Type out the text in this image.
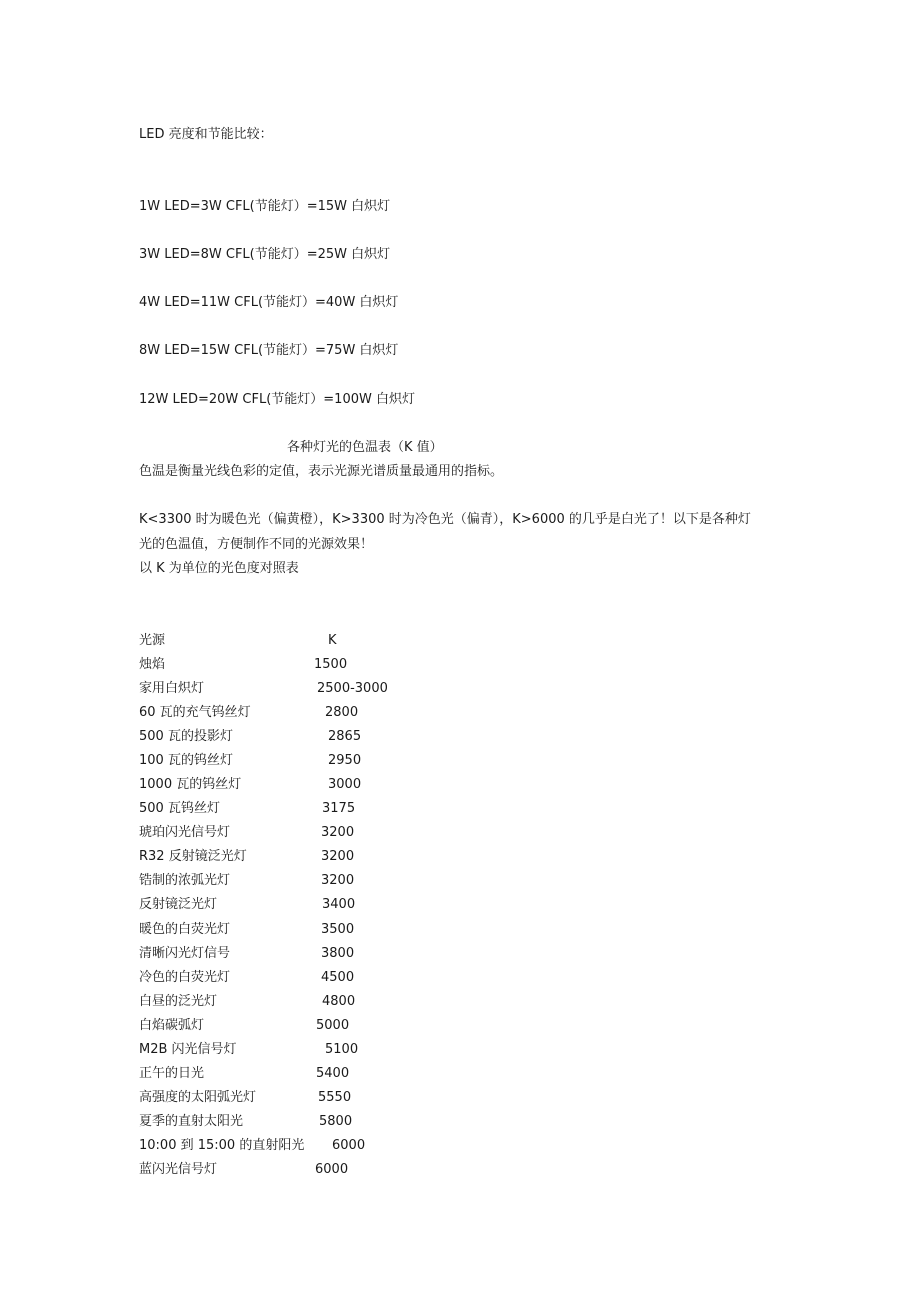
LED 亮度和节能比较：
1W LED=3W CFL(节能灯）=15W 白炽灯
3W LED=8W CFL(节能灯）=25W 白炽灯
4W LED=11W CFL(节能灯）=40W 白炽灯
8W LED=15W CFL(节能灯）=75W 白炽灯
12W LED=20W CFL(节能灯）=100W 白炽灯
各种灯光的色温表（K 值）
色温是衡量光线色彩的定值，表示光源光谱质量最通用的指标。
K<3300 时为暖色光（偏黄橙），K>3300 时为冷色光（偏青），K>6000 的几乎是白光了！以下是各种灯
光的色温值，方便制作不同的光源效果！
以 K 为单位的光色度对照表
光源	K
烛焰	1500
家用白炽灯	2500-3000
60 瓦的充气钨丝灯	2800
500 瓦的投影灯	2865
100 瓦的钨丝灯	2950
1000 瓦的钨丝灯	3000
500 瓦钨丝灯	3175
琥珀闪光信号灯	3200
R32 反射镜泛光灯	3200
锆制的浓弧光灯	3200
反射镜泛光灯	3400
暖色的白荧光灯	3500
清晰闪光灯信号	3800
冷色的白荧光灯	4500
白昼的泛光灯	4800
白焰碳弧灯	5000
M2B 闪光信号灯	5100
正午的日光	5400
高强度的太阳弧光灯	5550
夏季的直射太阳光	5800
10:00 到 15:00 的直射阳光 6000
蓝闪光信号灯	6000
